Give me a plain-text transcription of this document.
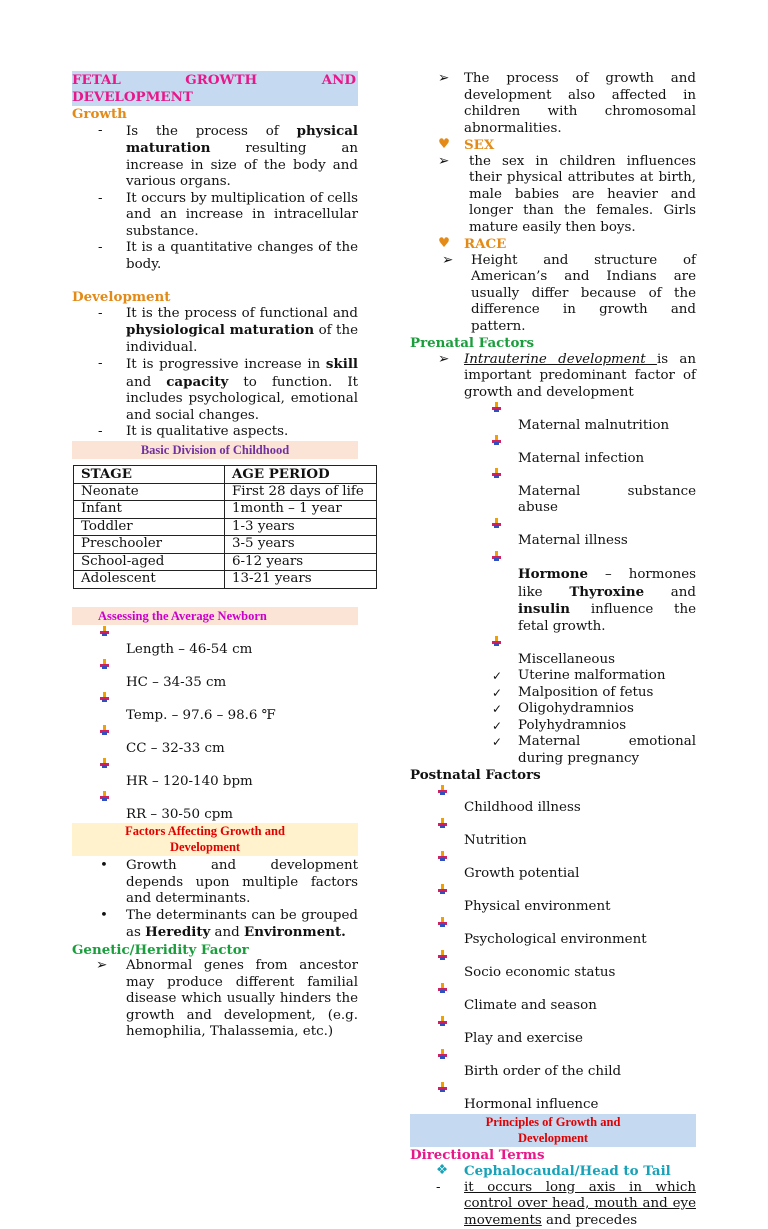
FETAL GROWTH AND DEVELOPMENT
Growth
- Is the process of physical maturation resulting an increase in size of the body and various organs.
- It occurs by multiplication of cells and an increase in intracellular substance.
- It is a quantitative changes of the body.
Development
- It is the process of functional and physiological maturation of the individual.
- It is progressive increase in skill and capacity to function. It includes psychological, emotional and social changes.
- It is qualitative aspects.
Basic Division of Childhood
STAGE	AGE PERIOD
Neonate	First 28 days of life
Infant	1month – 1 year
Toddler	1-3 years
Preschooler	3-5 years
School-aged	6-12 years
Adolescent	13-21 years
Assessing the Average Newborn
Length – 46-54 cm
HC – 34-35 cm
Temp. – 97.6 – 98.6 ℉
CC – 32-33 cm
HR – 120-140 bpm
RR – 30-50 cpm
Factors Affecting Growth and Development
• Growth and development depends upon multiple factors and determinants.
• The determinants can be grouped as Heredity and Environment.
Genetic/Heridity Factor
➢ Abnormal genes from ancestor may produce different familial disease which usually hinders the growth and development, (e.g. hemophilia, Thalassemia, etc.)
➢ The process of growth and development also affected in children with chromosomal abnormalities.
♥ SEX
➢ the sex in children influences their physical attributes at birth, male babies are heavier and longer than the females. Girls mature easily then boys.
♥ RACE
➢ Height and structure of American’s and Indians are usually differ because of the difference in growth and pattern.
Prenatal Factors
➢ Intrauterine development is an important predominant factor of growth and development
Maternal malnutrition
Maternal infection
Maternal substance abuse
Maternal illness
Hormone – hormones like Thyroxine and insulin influence the fetal growth.
Miscellaneous
✓ Uterine malformation
✓ Malposition of fetus
✓ Oligohydramnios
✓ Polyhydramnios
✓ Maternal emotional during pregnancy
Postnatal Factors
Childhood illness
Nutrition
Growth potential
Physical environment
Psychological environment
Socio economic status
Climate and season
Play and exercise
Birth order of the child
Hormonal influence
Principles of Growth and Development
Directional Terms
❖ Cephalocaudal/Head to Tail
- it occurs long axis in which control over head, mouth and eye movements and precedes
